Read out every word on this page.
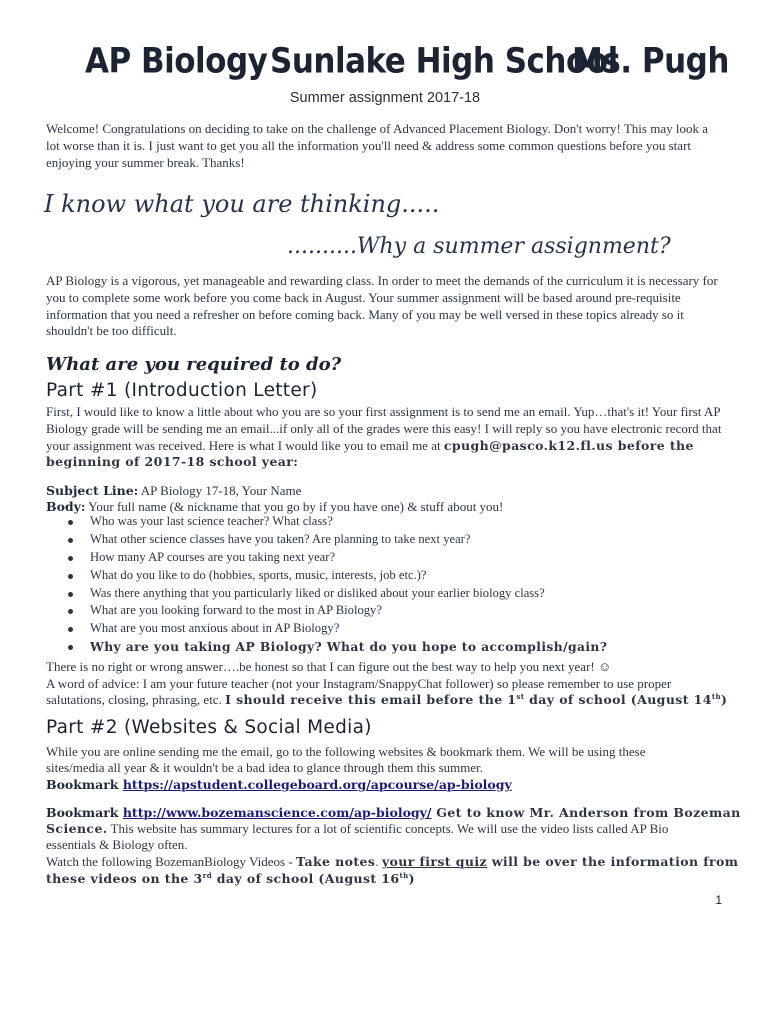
AP Biology Sunlake High School
Ms. Pugh
Summer assignment 2017-18
Welcome! Congratulations on deciding to take on the challenge of Advanced Placement Biology. Don't worry! This may look a lot worse than it is. I just want to get you all the information you'll need & address some common questions before you start enjoying your summer break. Thanks!
I know what you are thinking.....
..........Why a summer assignment?
AP Biology is a vigorous, yet manageable and rewarding class. In order to meet the demands of the curriculum it is necessary for you to complete some work before you come back in August. Your summer assignment will be based around pre-requisite information that you need a refresher on before coming back. Many of you may be well versed in these topics already so it shouldn't be too difficult.
What are you required to do?
Part #1 (Introduction Letter)
First, I would like to know a little about who you are so your first assignment is to send me an email. Yup…that's it! Your first AP Biology grade will be sending me an email...if only all of the grades were this easy! I will reply so you have electronic record that your assignment was received. Here is what I would like you to email me at cpugh@pasco.k12.fl.us before the beginning of 2017-18 school year:
Subject Line: AP Biology 17-18, Your Name
Body: Your full name (& nickname that you go by if you have one) & stuff about you!
Who was your last science teacher? What class?
What other science classes have you taken? Are planning to take next year?
How many AP courses are you taking next year?
What do you like to do (hobbies, sports, music, interests, job etc.)?
Was there anything that you particularly liked or disliked about your earlier biology class?
What are you looking forward to the most in AP Biology?
What are you most anxious about in AP Biology?
Why are you taking AP Biology? What do you hope to accomplish/gain?
There is no right or wrong answer….be honest so that I can figure out the best way to help you next year! ☺
A word of advice: I am your future teacher (not your Instagram/SnappyChat follower) so please remember to use proper
salutations, closing, phrasing, etc. I should receive this email before the 1st day of school (August 14th)
Part #2 (Websites & Social Media)
While you are online sending me the email, go to the following websites & bookmark them. We will be using these
sites/media all year & it wouldn't be a bad idea to glance through them this summer.
Bookmark https://apstudent.collegeboard.org/apcourse/ap-biology
Bookmark http://www.bozemanscience.com/ap-biology/ Get to know Mr. Anderson from Bozeman
Science. This website has summary lectures for a lot of scientific concepts. We will use the video lists called AP Bio
essentials & Biology often.
Watch the following BozemanBiology Videos - Take notes. your first quiz will be over the information from
these videos on the 3rd day of school (August 16th)
1
